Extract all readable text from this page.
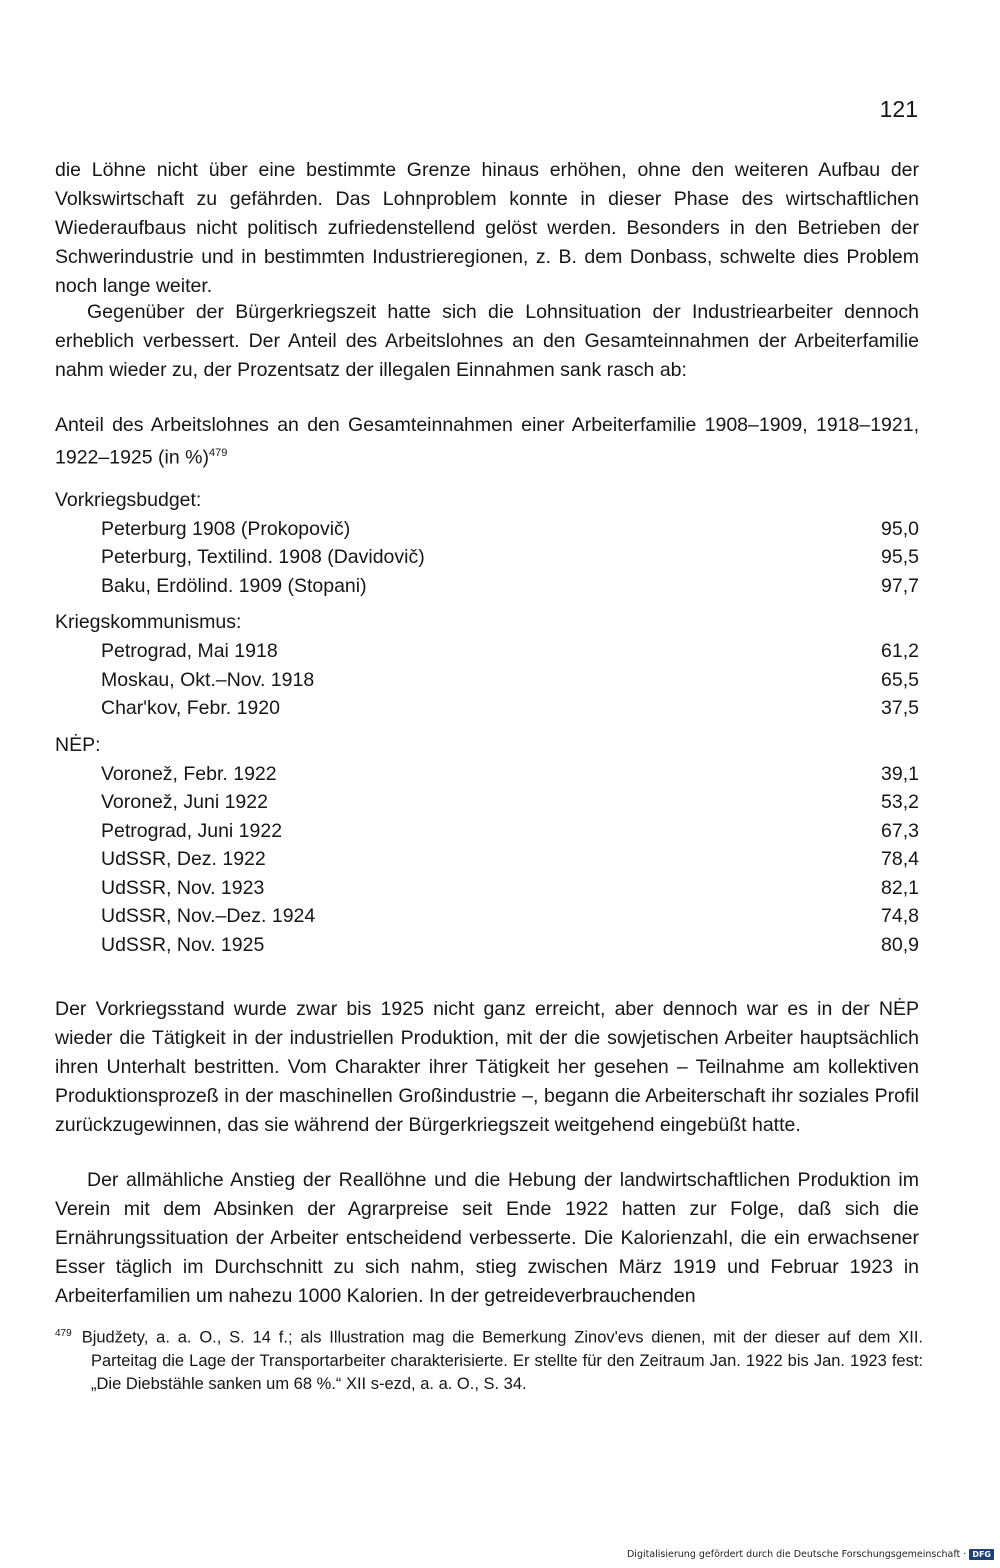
121

die Löhne nicht über eine bestimmte Grenze hinaus erhöhen, ohne den weiteren Aufbau der Volkswirtschaft zu gefährden. Das Lohnproblem konnte in dieser Phase des wirtschaftlichen Wiederaufbaus nicht politisch zufriedenstellend gelöst werden. Besonders in den Betrieben der Schwerindustrie und in bestimmten Industrieregionen, z. B. dem Donbass, schwelte dies Problem noch lange weiter.

Gegenüber der Bürgerkriegszeit hatte sich die Lohnsituation der Industriearbeiter dennoch erheblich verbessert. Der Anteil des Arbeitslohnes an den Gesamteinnahmen der Arbeiterfamilie nahm wieder zu, der Prozentsatz der illegalen Einnahmen sank rasch ab:

Anteil des Arbeitslohnes an den Gesamteinnahmen einer Arbeiterfamilie 1908–1909, 1918–1921, 1922–1925 (in %)$^{479}$

Vorkriegsbudget:

Peterburg 1908 (Prokopovič)	95,0
Peterburg, Textilind. 1908 (Davidovič)	95,5
Baku, Erdölind. 1909 (Stopani)	97,7

Kriegskommunismus:

Petrograd, Mai 1918	61,2
Moskau, Okt.–Nov. 1918	65,5
Char'kov, Febr. 1920	37,5

NĖP:

Voronež, Febr. 1922	39,1
Voronež, Juni 1922	53,2
Petrograd, Juni 1922	67,3
UdSSR, Dez. 1922	78,4
UdSSR, Nov. 1923	82,1
UdSSR, Nov.–Dez. 1924	74,8
UdSSR, Nov. 1925	80,9

Der Vorkriegsstand wurde zwar bis 1925 nicht ganz erreicht, aber dennoch war es in der NĖP wieder die Tätigkeit in der industriellen Produktion, mit der die sowjetischen Arbeiter hauptsächlich ihren Unterhalt bestritten. Vom Charakter ihrer Tätigkeit her gesehen – Teilnahme am kollektiven Produktionsprozeß in der maschinellen Großindustrie –, begann die Arbeiterschaft ihr soziales Profil zurückzugewinnen, das sie während der Bürgerkriegszeit weitgehend eingebüßt hatte.

Der allmähliche Anstieg der Reallöhne und die Hebung der landwirtschaftlichen Produktion im Verein mit dem Absinken der Agrarpreise seit Ende 1922 hatten zur Folge, daß sich die Ernährungssituation der Arbeiter entscheidend verbesserte. Die Kalorienzahl, die ein erwachsener Esser täglich im Durchschnitt zu sich nahm, stieg zwischen März 1919 und Februar 1923 in Arbeiterfamilien um nahezu 1000 Kalorien. In der getreideverbrauchenden

$^{479}$ Bjudžety, a. a. O., S. 14 f.; als Illustration mag die Bemerkung Zinov'evs dienen, mit der dieser auf dem XII. Parteitag die Lage der Transportarbeiter charakterisierte. Er stellte für den Zeitraum Jan. 1922 bis Jan. 1923 fest: „Die Diebstähle sanken um 68 %.“ XII s-ezd, a. a. O., S. 34.
Digitalisierung gefördert durch die Deutsche Forschungsgemeinschaft · DFG
